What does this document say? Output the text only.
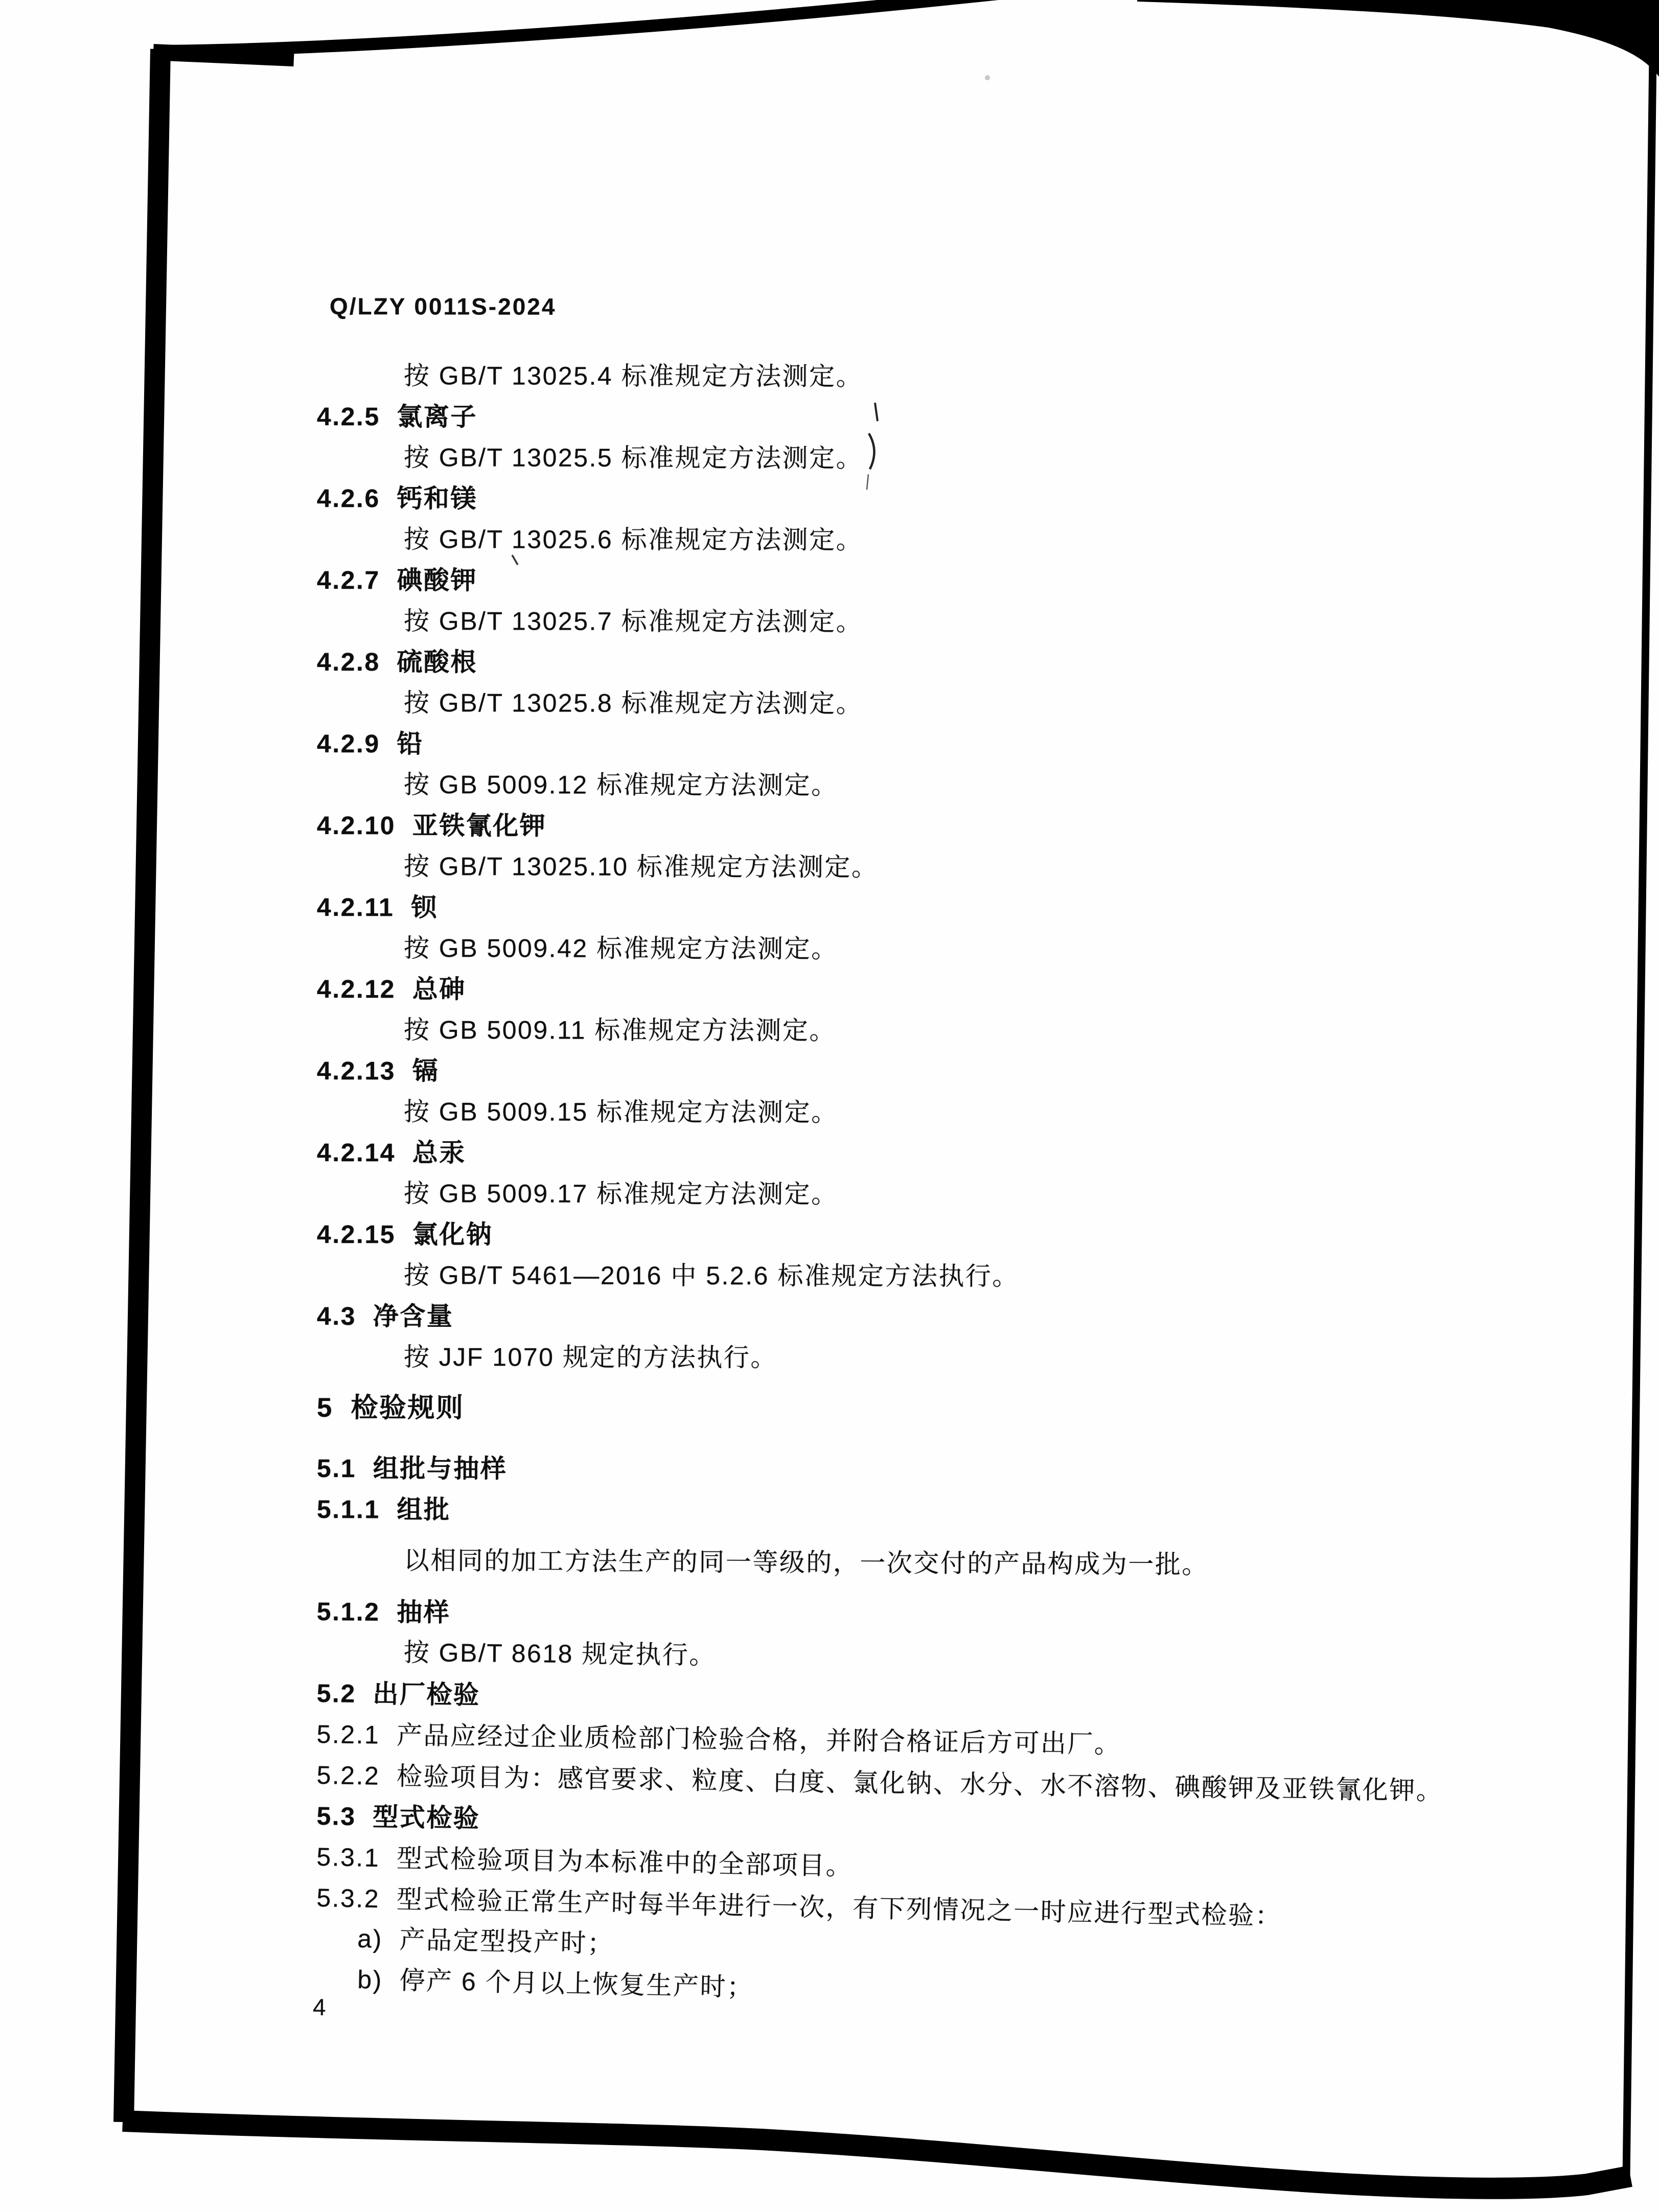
Q/LZY 0011S-2024
按 GB/T 13025.4 标准规定方法测定。
4.2.5  氯离子
按 GB/T 13025.5 标准规定方法测定。
4.2.6  钙和镁
按 GB/T 13025.6 标准规定方法测定。
4.2.7  碘酸钾
按 GB/T 13025.7 标准规定方法测定。
4.2.8  硫酸根
按 GB/T 13025.8 标准规定方法测定。
4.2.9  铅
按 GB 5009.12 标准规定方法测定。
4.2.10  亚铁氰化钾
按 GB/T 13025.10 标准规定方法测定。
4.2.11  钡
按 GB 5009.42 标准规定方法测定。
4.2.12  总砷
按 GB 5009.11 标准规定方法测定。
4.2.13  镉
按 GB 5009.15 标准规定方法测定。
4.2.14  总汞
按 GB 5009.17 标准规定方法测定。
4.2.15  氯化钠
按 GB/T 5461—2016 中 5.2.6 标准规定方法执行。
4.3  净含量
按 JJF 1070 规定的方法执行。
5  检验规则
5.1  组批与抽样
5.1.1  组批
以相同的加工方法生产的同一等级的，一次交付的产品构成为一批。
5.1.2  抽样
按 GB/T 8618 规定执行。
5.2  出厂检验
5.2.1  产品应经过企业质检部门检验合格，并附合格证后方可出厂。
5.2.2  检验项目为：感官要求、粒度、白度、氯化钠、水分、水不溶物、碘酸钾及亚铁氰化钾。
5.3  型式检验
5.3.1  型式检验项目为本标准中的全部项目。
5.3.2  型式检验正常生产时每半年进行一次，有下列情况之一时应进行型式检验：
a)  产品定型投产时；
b)  停产 6 个月以上恢复生产时；
4
